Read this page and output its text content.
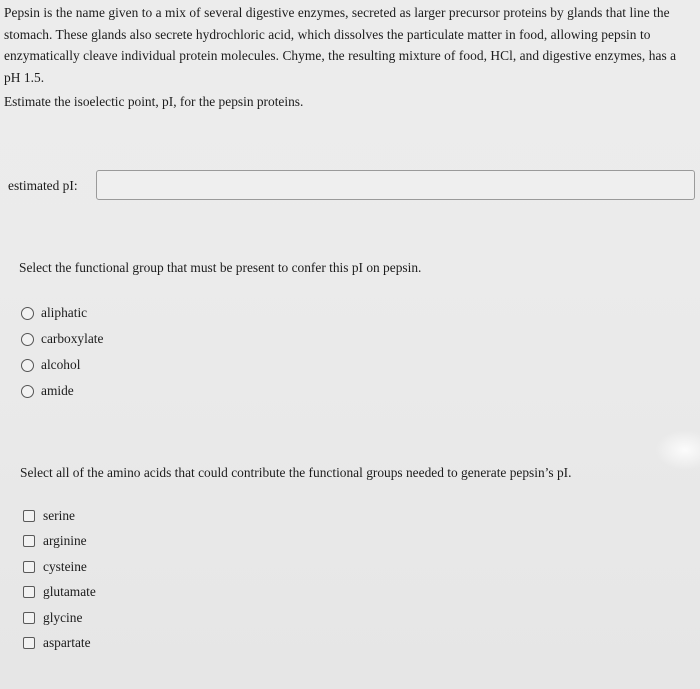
Pepsin is the name given to a mix of several digestive enzymes, secreted as larger precursor proteins by glands that line the stomach. These glands also secrete hydrochloric acid, which dissolves the particulate matter in food, allowing pepsin to enzymatically cleave individual protein molecules. Chyme, the resulting mixture of food, HCl, and digestive enzymes, has a pH 1.5.
Estimate the isoelectic point, pI, for the pepsin proteins.
estimated pI:
Select the functional group that must be present to confer this pI on pepsin.
aliphatic
carboxylate
alcohol
amide
Select all of the amino acids that could contribute the functional groups needed to generate pepsin’s pI.
serine
arginine
cysteine
glutamate
glycine
aspartate
